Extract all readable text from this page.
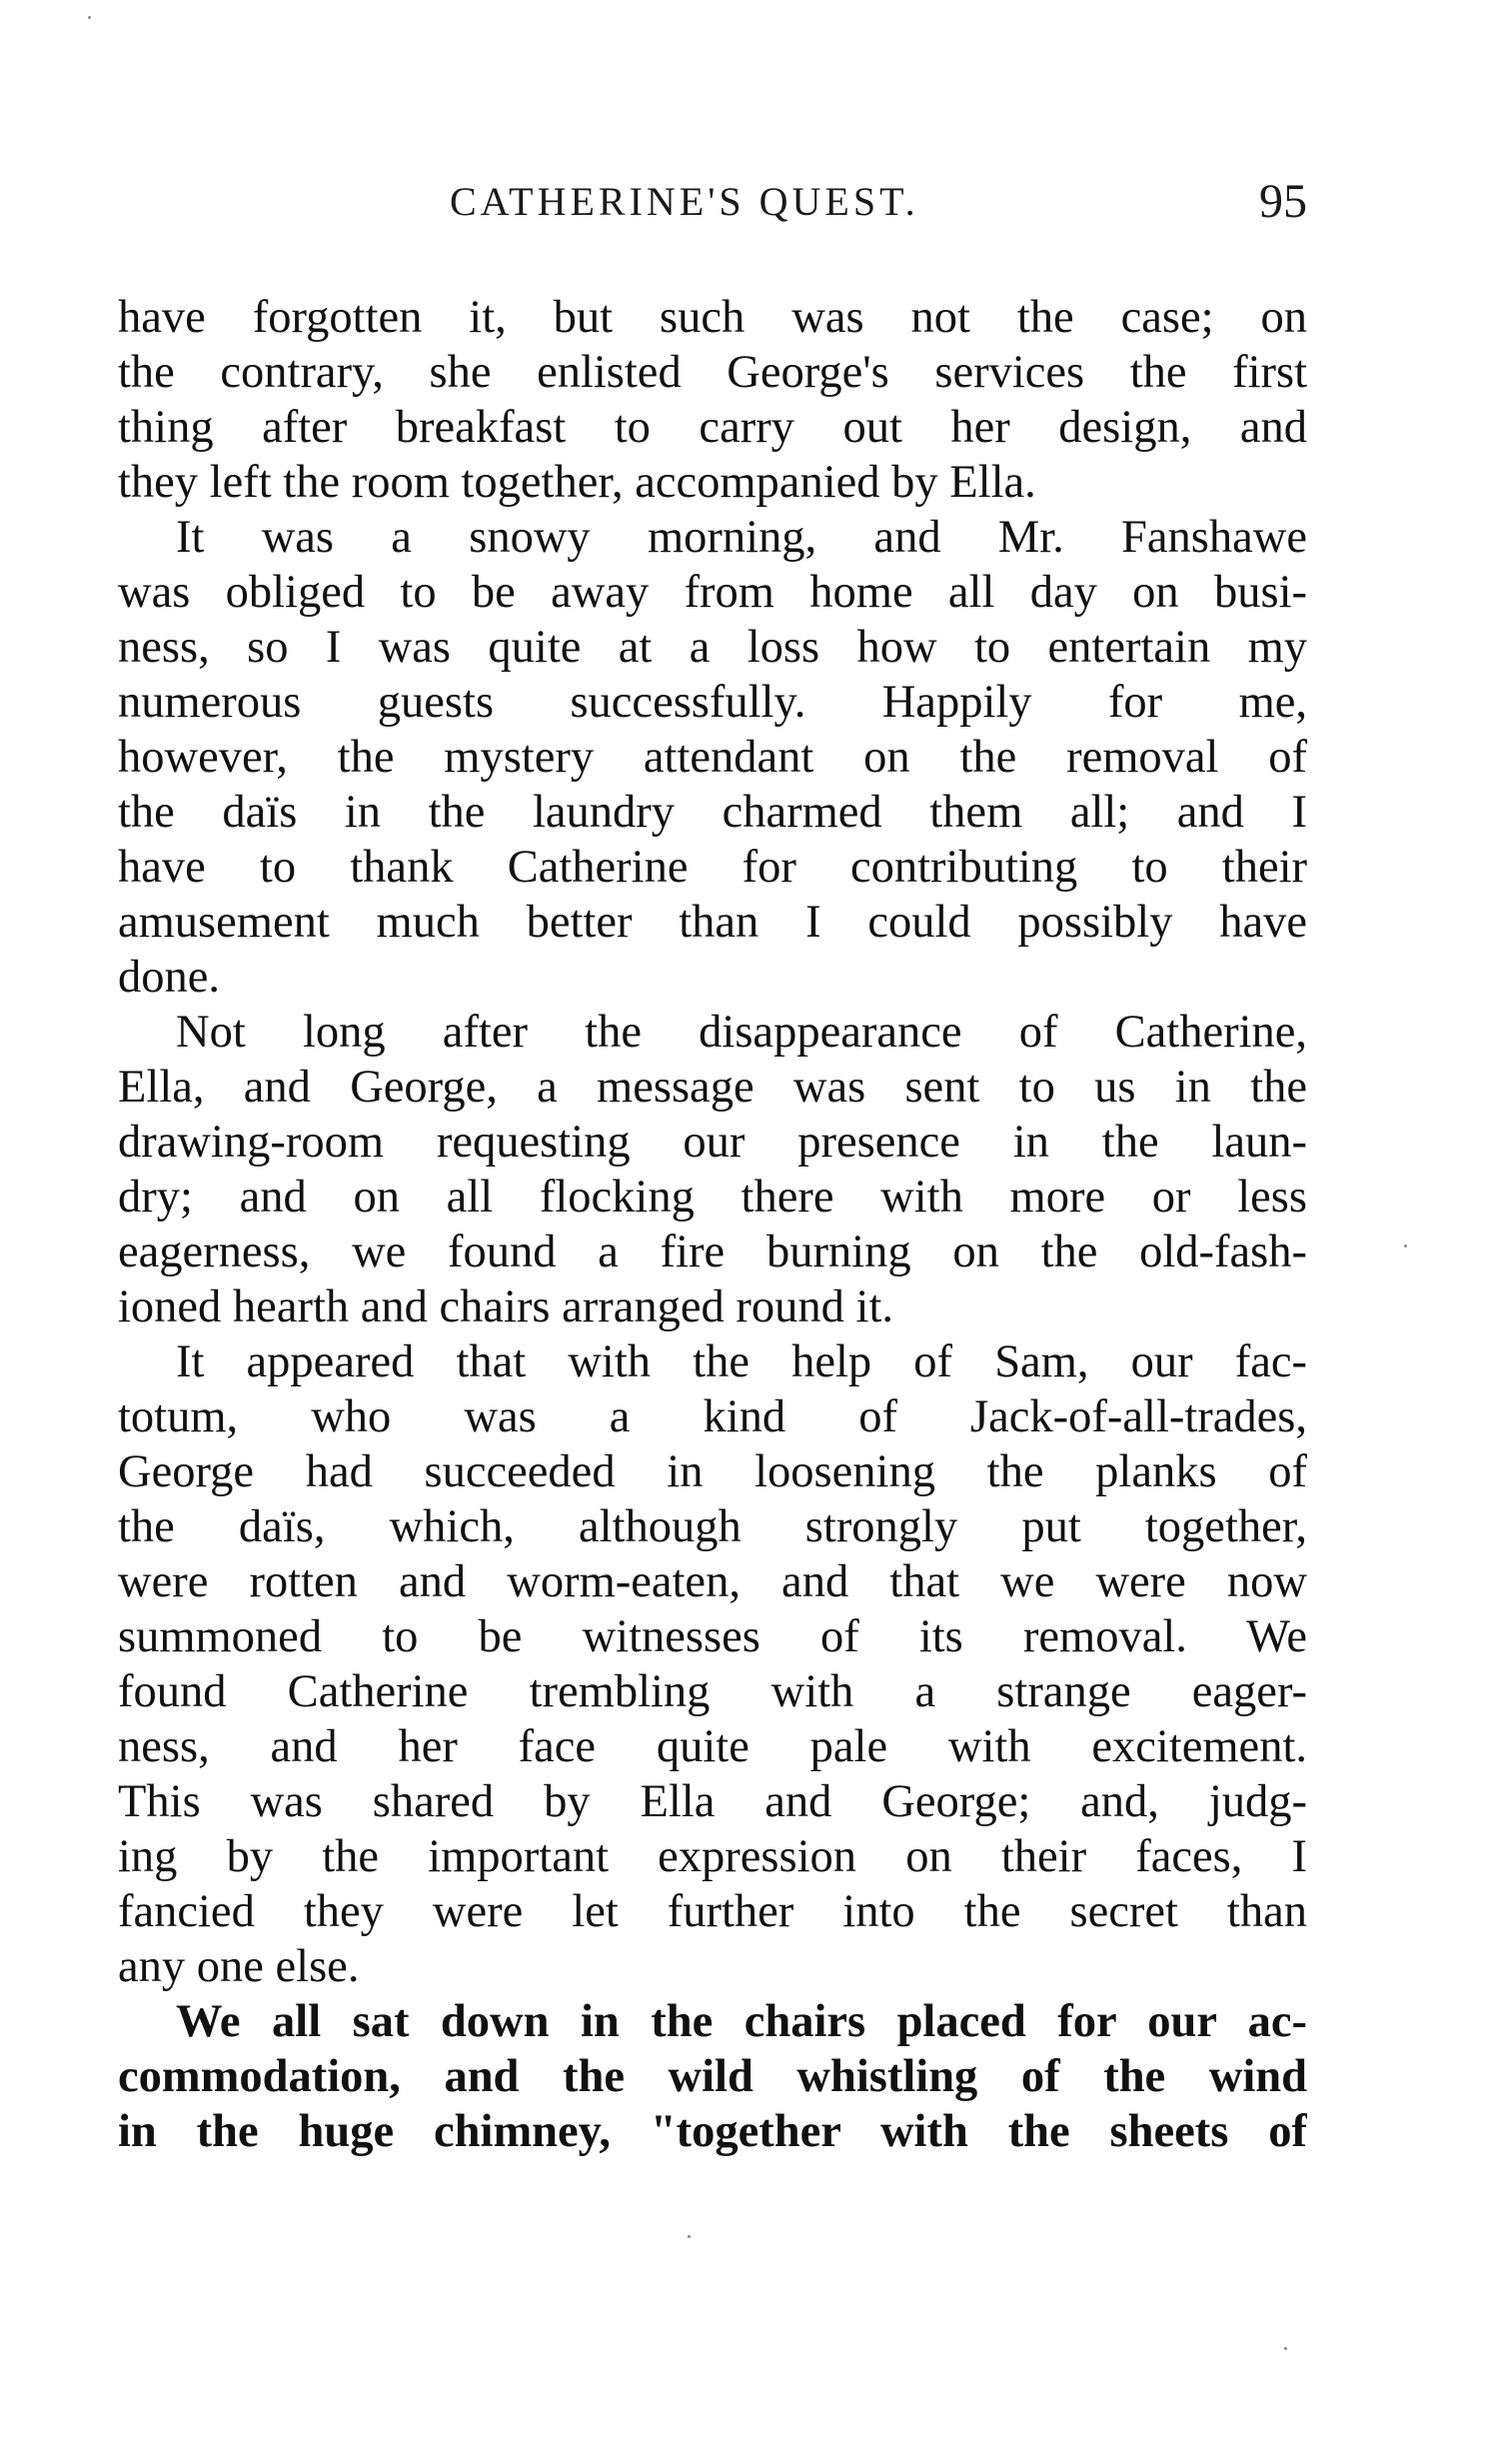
CATHERINE'S QUEST.	95
have forgotten it, but such was not the case; on
the contrary, she enlisted George's services the first
thing after breakfast to carry out her design, and
they left the room together, accompanied by Ella.
It was a snowy morning, and Mr. Fanshawe
was obliged to be away from home all day on busi-
ness, so I was quite at a loss how to entertain my
numerous guests successfully. Happily for me,
however, the mystery attendant on the removal of
the daïs in the laundry charmed them all; and I
have to thank Catherine for contributing to their
amusement much better than I could possibly have
done.
Not long after the disappearance of Catherine,
Ella, and George, a message was sent to us in the
drawing-room requesting our presence in the laun-
dry; and on all flocking there with more or less
eagerness, we found a fire burning on the old-fash-
ioned hearth and chairs arranged round it.
It appeared that with the help of Sam, our fac-
totum, who was a kind of Jack-of-all-trades,
George had succeeded in loosening the planks of
the daïs, which, although strongly put together,
were rotten and worm-eaten, and that we were now
summoned to be witnesses of its removal. We
found Catherine trembling with a strange eager-
ness, and her face quite pale with excitement.
This was shared by Ella and George; and, judg-
ing by the important expression on their faces, I
fancied they were let further into the secret than
any one else.
We all sat down in the chairs placed for our ac-
commodation, and the wild whistling of the wind
in the huge chimney, "together with the sheets of
